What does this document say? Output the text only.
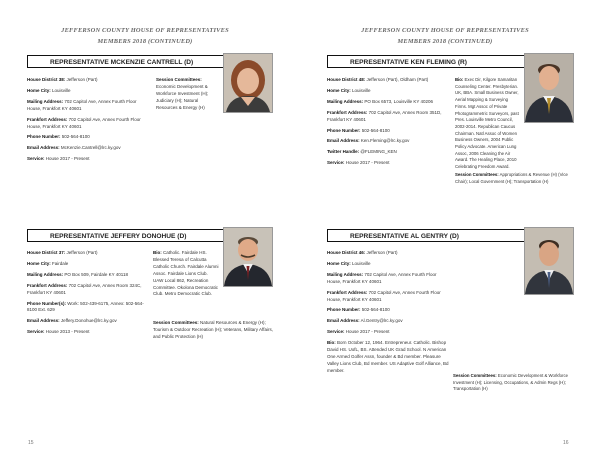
JEFFERSON COUNTY HOUSE OF REPRESENTATIVES
MEMBERS 2018 (CONTINUED)
JEFFERSON COUNTY HOUSE OF REPRESENTATIVES
MEMBERS 2018 (CONTINUED)
REPRESENTATIVE MCKENZIE CANTRELL (D)

House District 38: Jefferson (Part)

Home City: Louisville

Mailing Address: 702 Capitol Ave, Annex Fourth Floor House, Frankfort KY 40601

Frankfort Address: 702 Capitol Ave, Annex Fourth Floor House, Frankfort KY 40601

Phone Number: 502-564-8100

Email Address: McKenzie.Cantrell@lrc.ky.gov

Service: House 2017 - Present

Session Committees: Economic Development & Workforce Investment (H); Judiciary (H); Natural Resources & Energy (H)

REPRESENTATIVE KEN FLEMING (R)

House District 48: Jefferson (Part), Oldham (Part)

Home City: Louisville

Mailing Address: PO Box 6573, Louisville KY 40206

Frankfort Address: 702 Capitol Ave, Annex Room 351D, Frankfort KY 40601

Phone Number: 502-564-8100

Email Address: Ken.Fleming@lrc.ky.gov

Twitter Handle: @FLEMING_KEN

Service: House 2017 - Present

Bio: Exec Dir, Kilgore Samaritan Counseling Center. Presbyterian. UK, BBA. Small Business Owner, Aerial Mapping & Surveying Firms. Mgt Assoc of Private Photogrammetric Surveyors, past Pres. Louisville Metro Council, 2002-2014. Republican Caucus Chairman. Natl Assoc of Women Business Owners, 2004 Public Policy Advocate. American Lung Assoc, 2006 Cleaning the Air Award. The Healing Place, 2010 Celebrating Freedom Award.

Session Committees: Appropriations & Revenue (H) (Vice Chair); Local Government (H); Transportation (H)

REPRESENTATIVE JEFFERY DONOHUE (D)

House District 37: Jefferson (Part)

Home City: Fairdale

Mailing Address: PO Box 509, Fairdale KY 40118

Frankfort Address: 702 Capitol Ave, Annex Room 324C, Frankfort KY 40601

Phone Number(s): Work: 502-439-6175, Annex: 502-564-8100 Ext. 629

Email Address: Jeffery.Donohue@lrc.ky.gov

Service: House 2013 - Present

Bio: Catholic. Fairdale HS. Blessed Teresa of Calcutta Catholic Church. Fairdale Alumni Assoc. Fairdale Lions Club. UAW Local 862, Recreation Committee. Okolona Democratic Club. Metro Democratic Club.

Session Committees: Natural Resources & Energy (H); Tourism & Outdoor Recreation (H); Veterans, Military Affairs, and Public Protection (H)

REPRESENTATIVE AL GENTRY (D)

House District 46: Jefferson (Part)

Home City: Louisville

Mailing Address: 702 Capitol Ave, Annex Fourth Floor House, Frankfort KY 40601

Frankfort Address: 702 Capitol Ave, Annex Fourth Floor House, Frankfort KY 40601

Phone Number: 502-564-8100

Email Address: Al.Gentry@lrc.ky.gov

Service: House 2017 - Present

Bio: Born October 12, 1964. Entrepreneur. Catholic. Bishop David HS. UofL, BS. Attended UK Grad School. N American One Armed Golfer Assn, founder & Bd member. Pleasure Valley Lions Club, Bd member. US Adaptive Golf Alliance, Bd member.

Session Committees: Economic Development & Workforce Investment (H); Licensing, Occupations, & Admin Regs (H); Transportation (H)

15	16
